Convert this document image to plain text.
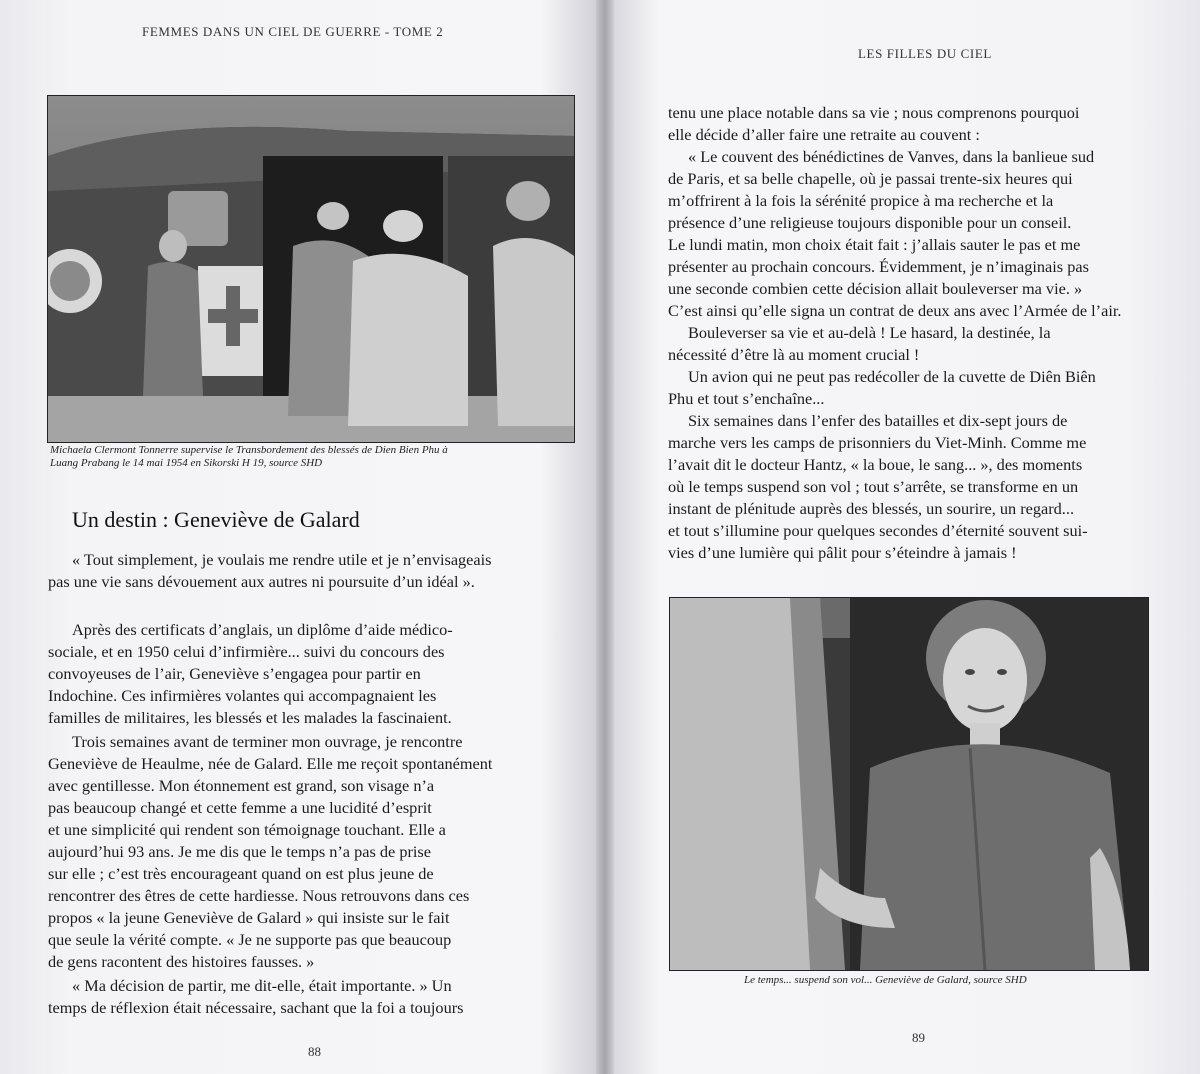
FEMMES DANS UN CIEL DE GUERRE - TOME 2
Michaela Clermont Tonnerre supervise le Transbordement des blessés de Dien Bien Phu à
Luang Prabang le 14 mai 1954 en Sikorski H 19, source SHD
Un destin : Geneviève de Galard
« Tout simplement, je voulais me rendre utile et je n’envisageais
pas une vie sans dévouement aux autres ni poursuite d’un idéal ».
Après des certificats d’anglais, un diplôme d’aide médico-
sociale, et en 1950 celui d’infirmière... suivi du concours des
convoyeuses de l’air, Geneviève s’engagea pour partir en
Indochine. Ces infirmières volantes qui accompagnaient les
familles de militaires, les blessés et les malades la fascinaient.
Trois semaines avant de terminer mon ouvrage, je rencontre
Geneviève de Heaulme, née de Galard. Elle me reçoit spontanément
avec gentillesse. Mon étonnement est grand, son visage n’a
pas beaucoup changé et cette femme a une lucidité d’esprit
et une simplicité qui rendent son témoignage touchant. Elle a
aujourd’hui 93 ans. Je me dis que le temps n’a pas de prise
sur elle ; c’est très encourageant quand on est plus jeune de
rencontrer des êtres de cette hardiesse. Nous retrouvons dans ces
propos « la jeune Geneviève de Galard » qui insiste sur le fait
que seule la vérité compte. « Je ne supporte pas que beaucoup
de gens racontent des histoires fausses. »
« Ma décision de partir, me dit-elle, était importante. » Un
temps de réflexion était nécessaire, sachant que la foi a toujours
88
LES FILLES DU CIEL
tenu une place notable dans sa vie ; nous comprenons pourquoi
elle décide d’aller faire une retraite au couvent :
« Le couvent des bénédictines de Vanves, dans la banlieue sud
de Paris, et sa belle chapelle, où je passai trente-six heures qui
m’offrirent à la fois la sérénité propice à ma recherche et la
présence d’une religieuse toujours disponible pour un conseil.
Le lundi matin, mon choix était fait : j’allais sauter le pas et me
présenter au prochain concours. Évidemment, je n’imaginais pas
une seconde combien cette décision allait bouleverser ma vie. »
C’est ainsi qu’elle signa un contrat de deux ans avec l’Armée de l’air.
Bouleverser sa vie et au-delà ! Le hasard, la destinée, la
nécessité d’être là au moment crucial !
Un avion qui ne peut pas redécoller de la cuvette de Diên Biên
Phu et tout s’enchaîne...
Six semaines dans l’enfer des batailles et dix-sept jours de
marche vers les camps de prisonniers du Viet-Minh. Comme me
l’avait dit le docteur Hantz, « la boue, le sang... », des moments
où le temps suspend son vol ; tout s’arrête, se transforme en un
instant de plénitude auprès des blessés, un sourire, un regard...
et tout s’illumine pour quelques secondes d’éternité souvent sui-
vies d’une lumière qui pâlit pour s’éteindre à jamais !
Le temps... suspend son vol... Geneviève de Galard, source SHD
89
